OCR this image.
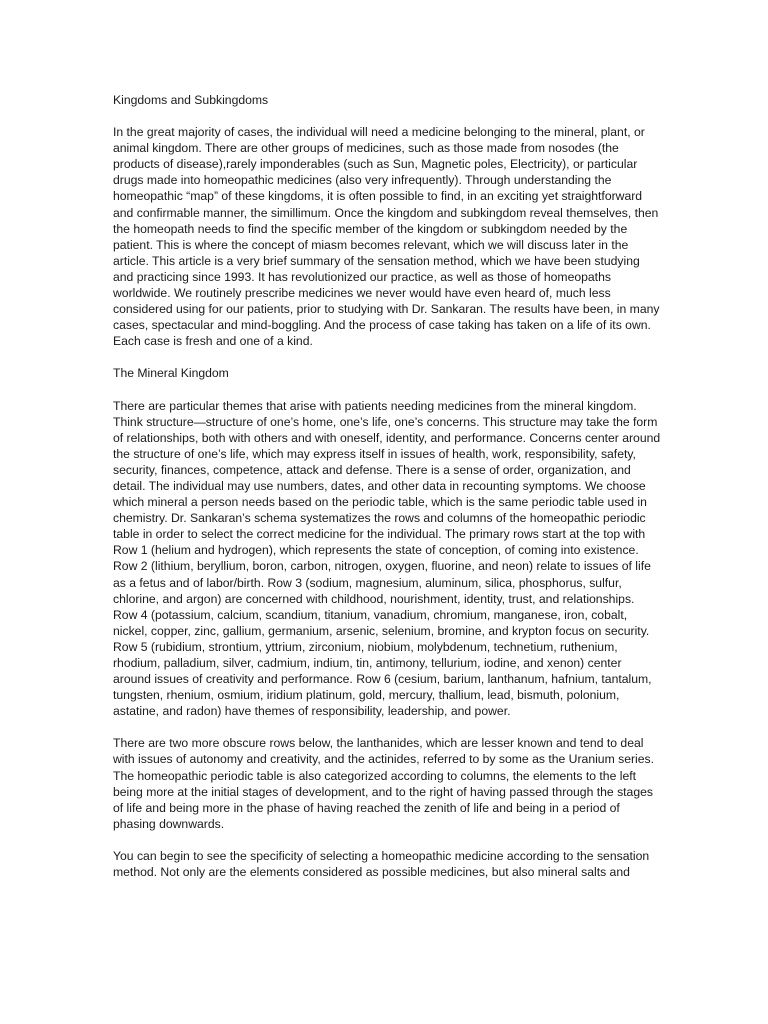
Kingdoms and Subkingdoms

In the great majority of cases, the individual will need a medicine belonging to the mineral, plant, or animal kingdom. There are other groups of medicines, such as those made from nosodes (the products of disease),rarely imponderables (such as Sun, Magnetic poles, Electricity), or particular drugs made into homeopathic medicines (also very infrequently). Through understanding the homeopathic “map” of these kingdoms, it is often possible to find, in an exciting yet straightforward and confirmable manner, the simillimum. Once the kingdom and subkingdom reveal themselves, then the homeopath needs to find the specific member of the kingdom or subkingdom needed by the patient. This is where the concept of miasm becomes relevant, which we will discuss later in the article. This article is a very brief summary of the sensation method, which we have been studying and practicing since 1993. It has revolutionized our practice, as well as those of homeopaths worldwide. We routinely prescribe medicines we never would have even heard of, much less considered using for our patients, prior to studying with Dr. Sankaran. The results have been, in many cases, spectacular and mind-boggling. And the process of case taking has taken on a life of its own. Each case is fresh and one of a kind.

The Mineral Kingdom

There are particular themes that arise with patients needing medicines from the mineral kingdom. Think structure—structure of one’s home, one’s life, one’s concerns. This structure may take the form of relationships, both with others and with oneself, identity, and performance. Concerns center around the structure of one’s life, which may express itself in issues of health, work, responsibility, safety, security, finances, competence, attack and defense. There is a sense of order, organization, and detail. The individual may use numbers, dates, and other data in recounting symptoms. We choose which mineral a person needs based on the periodic table, which is the same periodic table used in chemistry. Dr. Sankaran’s schema systematizes the rows and columns of the homeopathic periodic table in order to select the correct medicine for the individual. The primary rows start at the top with Row 1 (helium and hydrogen), which represents the state of conception, of coming into existence. Row 2 (lithium, beryllium, boron, carbon, nitrogen, oxygen, fluorine, and neon) relate to issues of life as a fetus and of labor/birth. Row 3 (sodium, magnesium, aluminum, silica, phosphorus, sulfur, chlorine, and argon) are concerned with childhood, nourishment, identity, trust, and relationships. Row 4 (potassium, calcium, scandium, titanium, vanadium, chromium, manganese, iron, cobalt, nickel, copper, zinc, gallium, germanium, arsenic, selenium, bromine, and krypton focus on security. Row 5 (rubidium, strontium, yttrium, zirconium, niobium, molybdenum, technetium, ruthenium, rhodium, palladium, silver, cadmium, indium, tin, antimony, tellurium, iodine, and xenon) center around issues of creativity and performance. Row 6 (cesium, barium, lanthanum, hafnium, tantalum, tungsten, rhenium, osmium, iridium platinum, gold, mercury, thallium, lead, bismuth, polonium, astatine, and radon) have themes of responsibility, leadership, and power.

There are two more obscure rows below, the lanthanides, which are lesser known and tend to deal with issues of autonomy and creativity, and the actinides, referred to by some as the Uranium series. The homeopathic periodic table is also categorized according to columns, the elements to the left being more at the initial stages of development, and to the right of having passed through the stages of life and being more in the phase of having reached the zenith of life and being in a period of phasing downwards.

You can begin to see the specificity of selecting a homeopathic medicine according to the sensation method. Not only are the elements considered as possible medicines, but also mineral salts and
